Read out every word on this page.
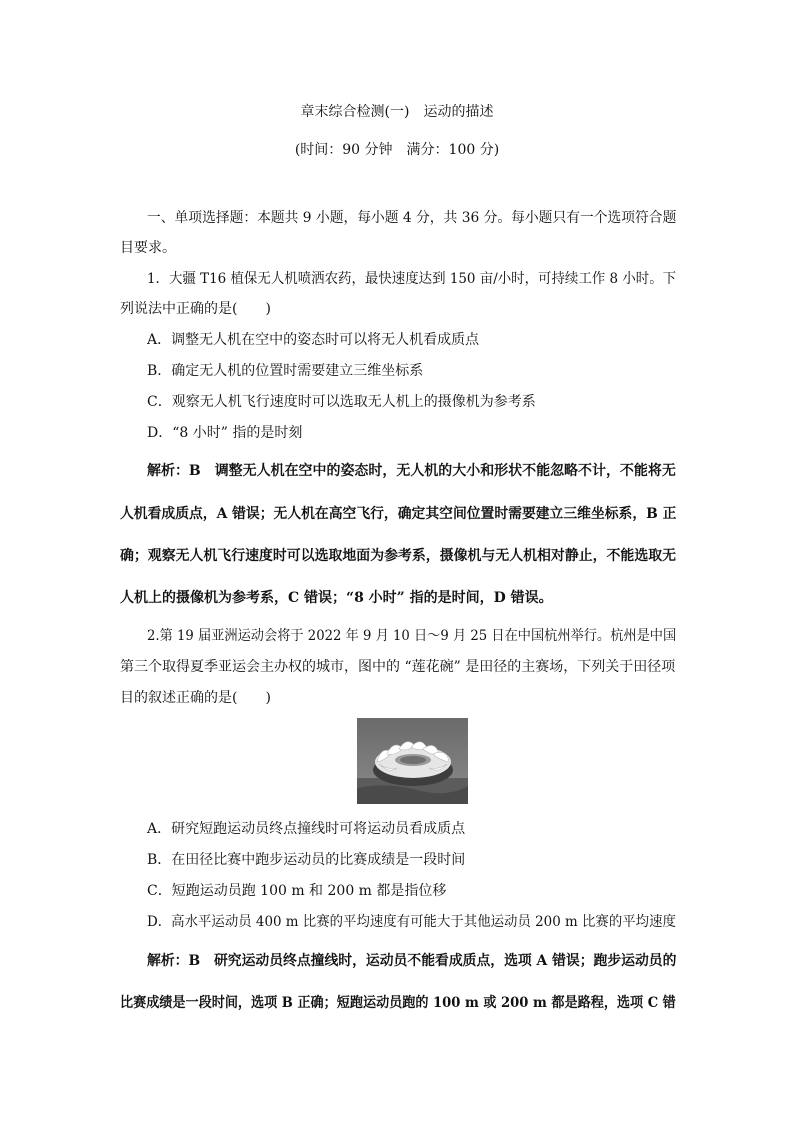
章末综合检测(一)　运动的描述
(时间：90 分钟　满分：100 分)
一、单项选择题：本题共 9 小题，每小题 4 分，共 36 分。每小题只有一个选项符合题
目要求。
1．大疆 T16 植保无人机喷洒农药，最快速度达到 150 亩/小时，可持续工作 8 小时。下
列说法中正确的是(　　)
A．调整无人机在空中的姿态时可以将无人机看成质点
B．确定无人机的位置时需要建立三维坐标系
C．观察无人机飞行速度时可以选取无人机上的摄像机为参考系
D．“8 小时” 指的是时刻
解析：B　调整无人机在空中的姿态时，无人机的大小和形状不能忽略不计，不能将无
人机看成质点，A 错误；无人机在高空飞行，确定其空间位置时需要建立三维坐标系，B 正
确；观察无人机飞行速度时可以选取地面为参考系，摄像机与无人机相对静止，不能选取无
人机上的摄像机为参考系，C 错误；“8 小时” 指的是时间，D 错误。
2.第 19 届亚洲运动会将于 2022 年 9 月 10 日～9 月 25 日在中国杭州举行。杭州是中国
第三个取得夏季亚运会主办权的城市，图中的 “莲花碗” 是田径的主赛场，下列关于田径项
目的叙述正确的是(　　)
A．研究短跑运动员终点撞线时可将运动员看成质点
B．在田径比赛中跑步运动员的比赛成绩是一段时间
C．短跑运动员跑 100 m 和 200 m 都是指位移
D．高水平运动员 400 m 比赛的平均速度有可能大于其他运动员 200 m 比赛的平均速度
解析：B　研究运动员终点撞线时，运动员不能看成质点，选项 A 错误；跑步运动员的
比赛成绩是一段时间，选项 B 正确；短跑运动员跑的 100 m 或 200 m 都是路程，选项 C 错
